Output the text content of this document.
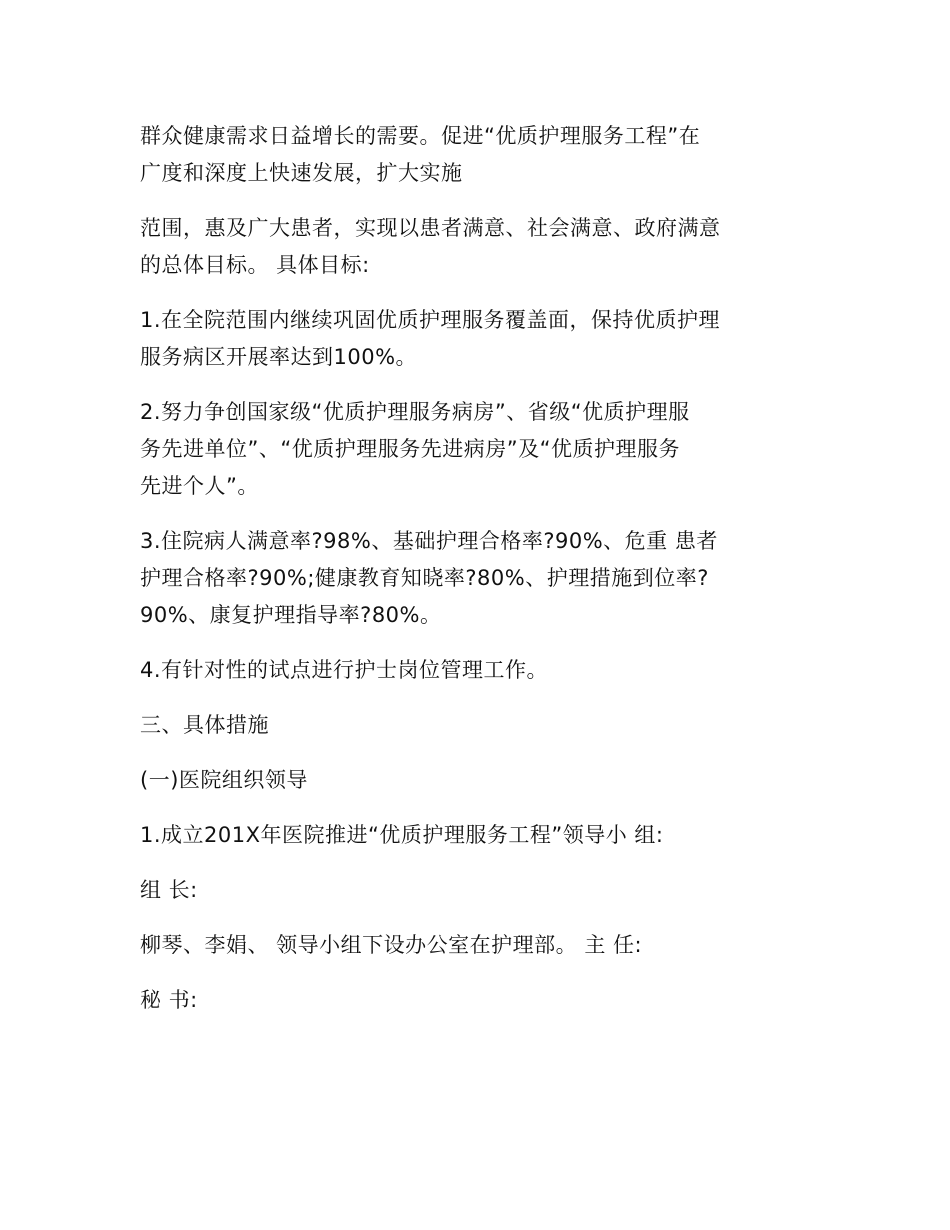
群众健康需求日益增长的需要。促进“优质护理服务工程”在
广度和深度上快速发展，扩大实施

范围，惠及广大患者，实现以患者满意、社会满意、政府满意
的总体目标。 具体目标:

1.在全院范围内继续巩固优质护理服务覆盖面，保持优质护理
服务病区开展率达到100%。

2.努力争创国家级“优质护理服务病房”、省级“优质护理服
务先进单位”、“优质护理服务先进病房”及“优质护理服务
先进个人”。

3.住院病人满意率?98%、基础护理合格率?90%、危重 患者
护理合格率?90%;健康教育知晓率?80%、护理措施到位率?
90%、康复护理指导率?80%。

4.有针对性的试点进行护士岗位管理工作。

三、具体措施

(一)医院组织领导

1.成立201X年医院推进“优质护理服务工程”领导小 组:

组 长:

柳琴、李娟、 领导小组下设办公室在护理部。 主 任:

秘 书:
